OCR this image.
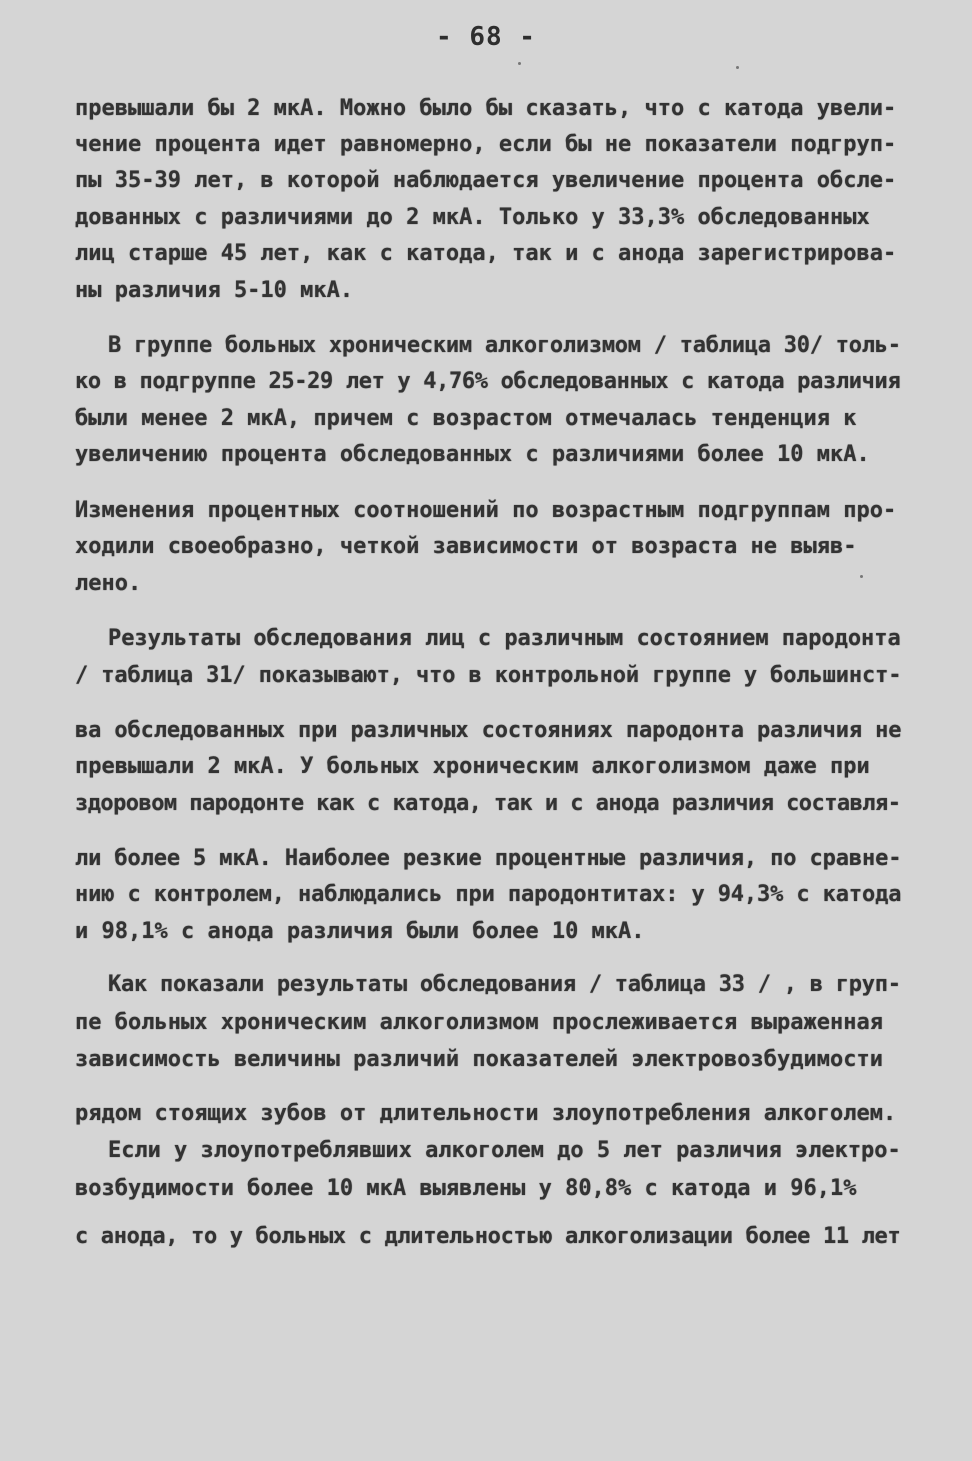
- 68 -
превышали бы 2 мкА. Можно было бы сказать, что с катода увели-
чение процента идет равномерно, если бы не показатели подгруп-
пы 35-39 лет, в которой наблюдается увеличение процента обсле-
дованных с различиями до 2 мкА. Только у 33,3% обследованных
лиц старше 45 лет, как с катода, так и с анода зарегистрирова-
ны различия 5-10 мкА.
В группе больных хроническим алкоголизмом / таблица 30/ толь-
ко в подгруппе 25-29 лет у 4,76% обследованных с катода различия
были менее 2 мкА, причем с возрастом отмечалась тенденция к
увеличению процента обследованных с различиями более 10 мкА.
Изменения процентных соотношений по возрастным подгруппам про-
ходили своеобразно, четкой зависимости от возраста не выяв-
лено.
Результаты обследования лиц с различным состоянием пародонта
/ таблица 31/ показывают, что в контрольной группе у большинст-
ва обследованных при различных состояниях пародонта различия не
превышали 2 мкА. У больных хроническим алкоголизмом даже при
здоровом пародонте как с катода, так и с анода различия составля-
ли более 5 мкА. Наиболее резкие процентные различия, по сравне-
нию с контролем, наблюдались при пародонтитах: у 94,3% с катода
и 98,1% с анода различия были более 10 мкА.
Как показали результаты обследования / таблица 33 / , в груп-
пе больных хроническим алкоголизмом прослеживается выраженная
зависимость величины различий показателей электровозбудимости
рядом стоящих зубов от длительности злоупотребления алкоголем.
Если у злоупотреблявших алкоголем до 5 лет различия электро-
возбудимости более 10 мкА выявлены у 80,8% с катода и 96,1%
с анода, то у больных с длительностью алкоголизации более 11 лет
